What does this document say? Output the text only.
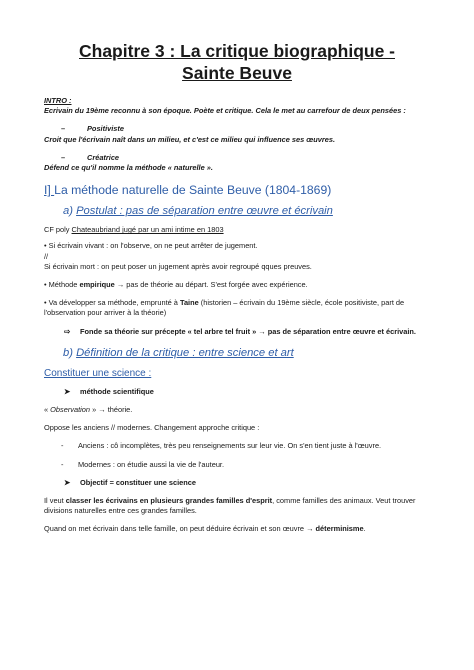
Chapitre 3 : La critique biographique -
Sainte Beuve

INTRO :

Ecrivain du 19ème reconnu à son époque. Poète et critique. Cela le met au carrefour de deux pensées :

–	Positiviste

Croit que l'écrivain naît dans un milieu, et c'est ce milieu qui influence ses œuvres.

–	Créatrice

Défend ce qu'il nomme la méthode « naturelle ».

I] La méthode naturelle de Sainte Beuve (1804-1869)
a) Postulat : pas de séparation entre œuvre et écrivain

CF poly Chateaubriand jugé par un ami intime en 1803

• Si écrivain vivant : on l'observe, on ne peut arrêter de jugement.

//

Si écrivain mort : on peut poser un jugement après avoir regroupé qques preuves.

• Méthode empirique → pas de théorie au départ. S'est forgée avec expérience.

• Va développer sa méthode, emprunté à Taine (historien – écrivain du 19ème siècle, école positiviste, part de l'observation pour arriver à la théorie)

⇨	Fonde sa théorie sur précepte « tel arbre tel fruit » → pas de séparation entre œuvre et écrivain.
b) Définition de la critique : entre science et art
Constituer une science :
➤	méthode scientifique

« Observation » → théorie.

Oppose les anciens // modernes. Changement approche critique :

-	Anciens : cô incomplètes, très peu renseignements sur leur vie. On s'en tient juste à l'œuvre.
-	Modernes : on étudie aussi la vie de l'auteur.
➤	Objectif = constituer une science

Il veut classer les écrivains en plusieurs grandes familles d'esprit, comme familles des animaux. Veut trouver divisions naturelles entre ces grandes familles.

Quand on met écrivain dans telle famille, on peut déduire écrivain et son œuvre → déterminisme.
